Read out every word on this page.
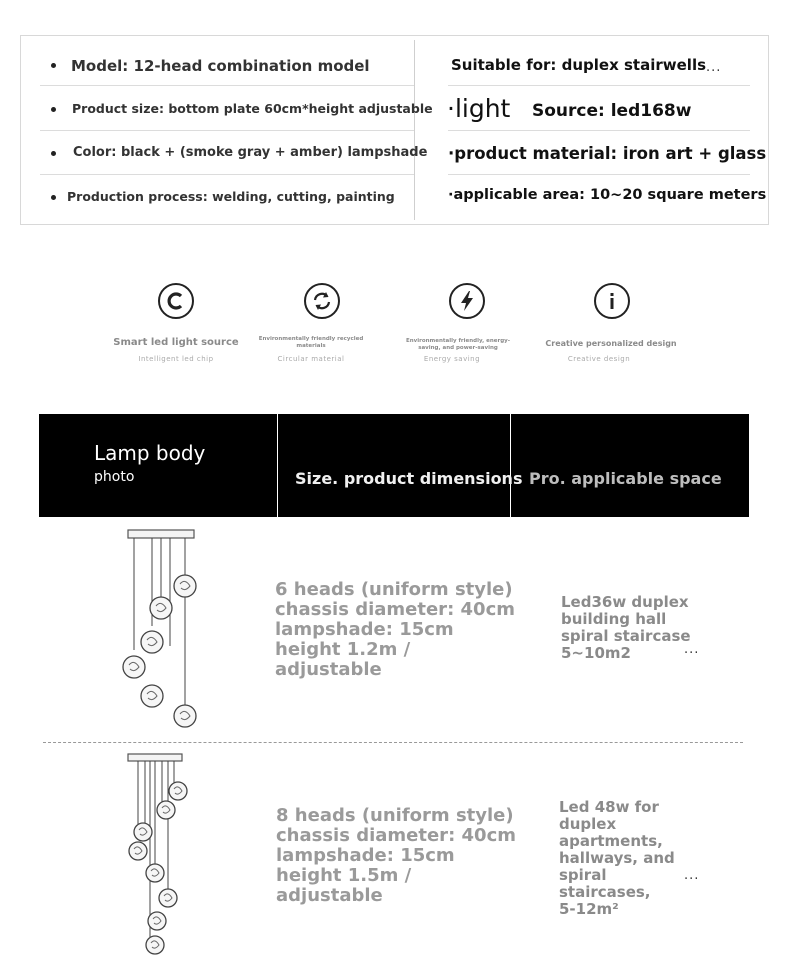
Model: 12-head combination model
Product size: bottom plate 60cm*height adjustable
Color: black + (smoke gray + amber) lampshade
Production process: welding, cutting, painting
Suitable for: duplex stairwells ...
·light Source: led168w
·product material: iron art + glass
·applicable area: 10~20 square meters
Smart led light source
Intelligent led chip
Environmentally friendly recycled materials
Circular material
Environmentally friendly, energy-saving, and power-saving
Energy saving
Creative personalized design
Creative design
Lamp body
photo	Size. product dimensions Pro. applicable space
6 heads (uniform style)
chassis diameter: 40cm
lampshade: 15cm
height 1.2m /
adjustable
Led36w duplex
building hall
spiral staircase
5~10m2	...
8 heads (uniform style)
chassis diameter: 40cm
lampshade: 15cm
height 1.5m /
adjustable
Led 48w for
duplex
apartments,
hallways, and
spiral
staircases,
5-12m²
...
